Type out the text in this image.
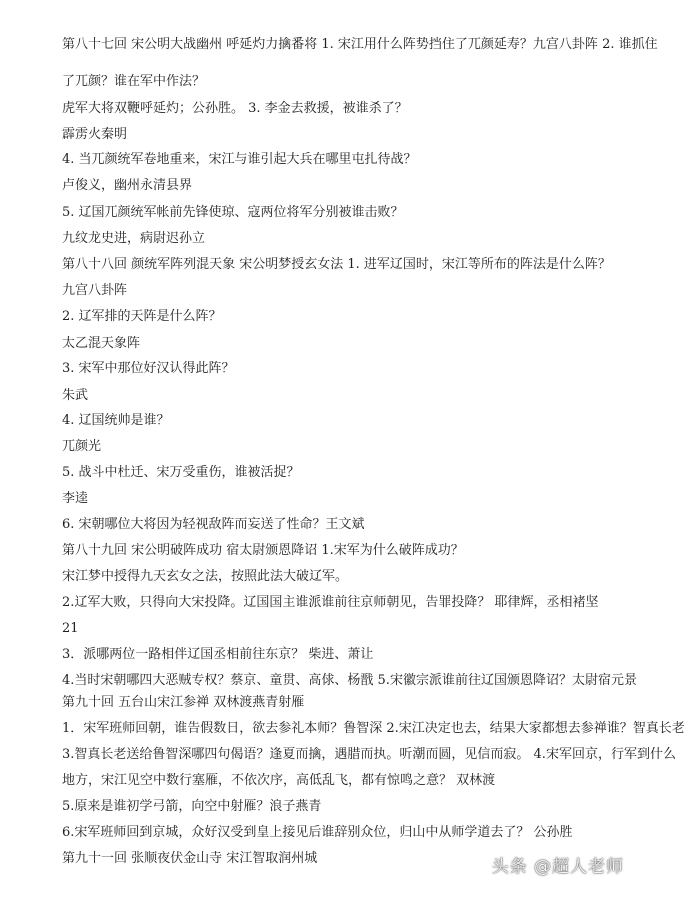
第八十七回 宋公明大战幽州 呼延灼力擒番将 1. 宋江用什么阵势挡住了兀颜延寿？九宫八卦阵 2. 谁抓住
了兀颜？谁在军中作法？
虎军大将双鞭呼延灼；公孙胜。 3. 李金去救援，被谁杀了？
霹雳火秦明
4. 当兀颜统军卷地重来，宋江与谁引起大兵在哪里屯扎待战？
卢俊义，幽州永清县界
5. 辽国兀颜统军帐前先锋使琼、寇两位将军分别被谁击败？
九纹龙史进，病尉迟孙立
第八十八回 颜统军阵列混天象 宋公明梦授玄女法 1. 进军辽国时，宋江等所布的阵法是什么阵？
九宫八卦阵
2. 辽军排的天阵是什么阵？
太乙混天象阵
3. 宋军中那位好汉认得此阵？
朱武
4. 辽国统帅是谁？
兀颜光
5. 战斗中杜迁、宋万受重伤，谁被活捉？
李逵
6. 宋朝哪位大将因为轻视敌阵而妄送了性命？王文斌
第八十九回 宋公明破阵成功 宿太尉颁恩降诏 1.宋军为什么破阵成功？
宋江梦中授得九天玄女之法，按照此法大破辽军。
2.辽军大败，只得向大宋投降。辽国国主谁派谁前往京师朝见，告罪投降？ 耶律辉，丞相褚坚
21
3．派哪两位一路相伴辽国丞相前往东京？ 柴进、萧让
4.当时宋朝哪四大恶贼专权？蔡京、童贯、高俅、杨戬 5.宋徽宗派谁前往辽国颁恩降诏？太尉宿元景
第九十回 五台山宋江参禅 双林渡燕青射雁
1．宋军班师回朝，谁告假数日，欲去参礼本师？鲁智深 2.宋江决定也去，结果大家都想去参禅谁？智真长老
3.智真长老送给鲁智深哪四句偈语？逢夏而擒，遇腊而执。听潮而圆，见信而寂。 4.宋军回京，行军到什么
地方，宋江见空中数行塞雁，不依次序，高低乱飞，都有惊鸣之意？ 双林渡
5.原来是谁初学弓箭，向空中射雁？浪子燕青
6.宋军班师回到京城，众好汉受到皇上接见后谁辞别众位，归山中从师学道去了？ 公孙胜
第九十一回 张顺夜伏金山寺 宋江智取润州城	头条 @超人老师
